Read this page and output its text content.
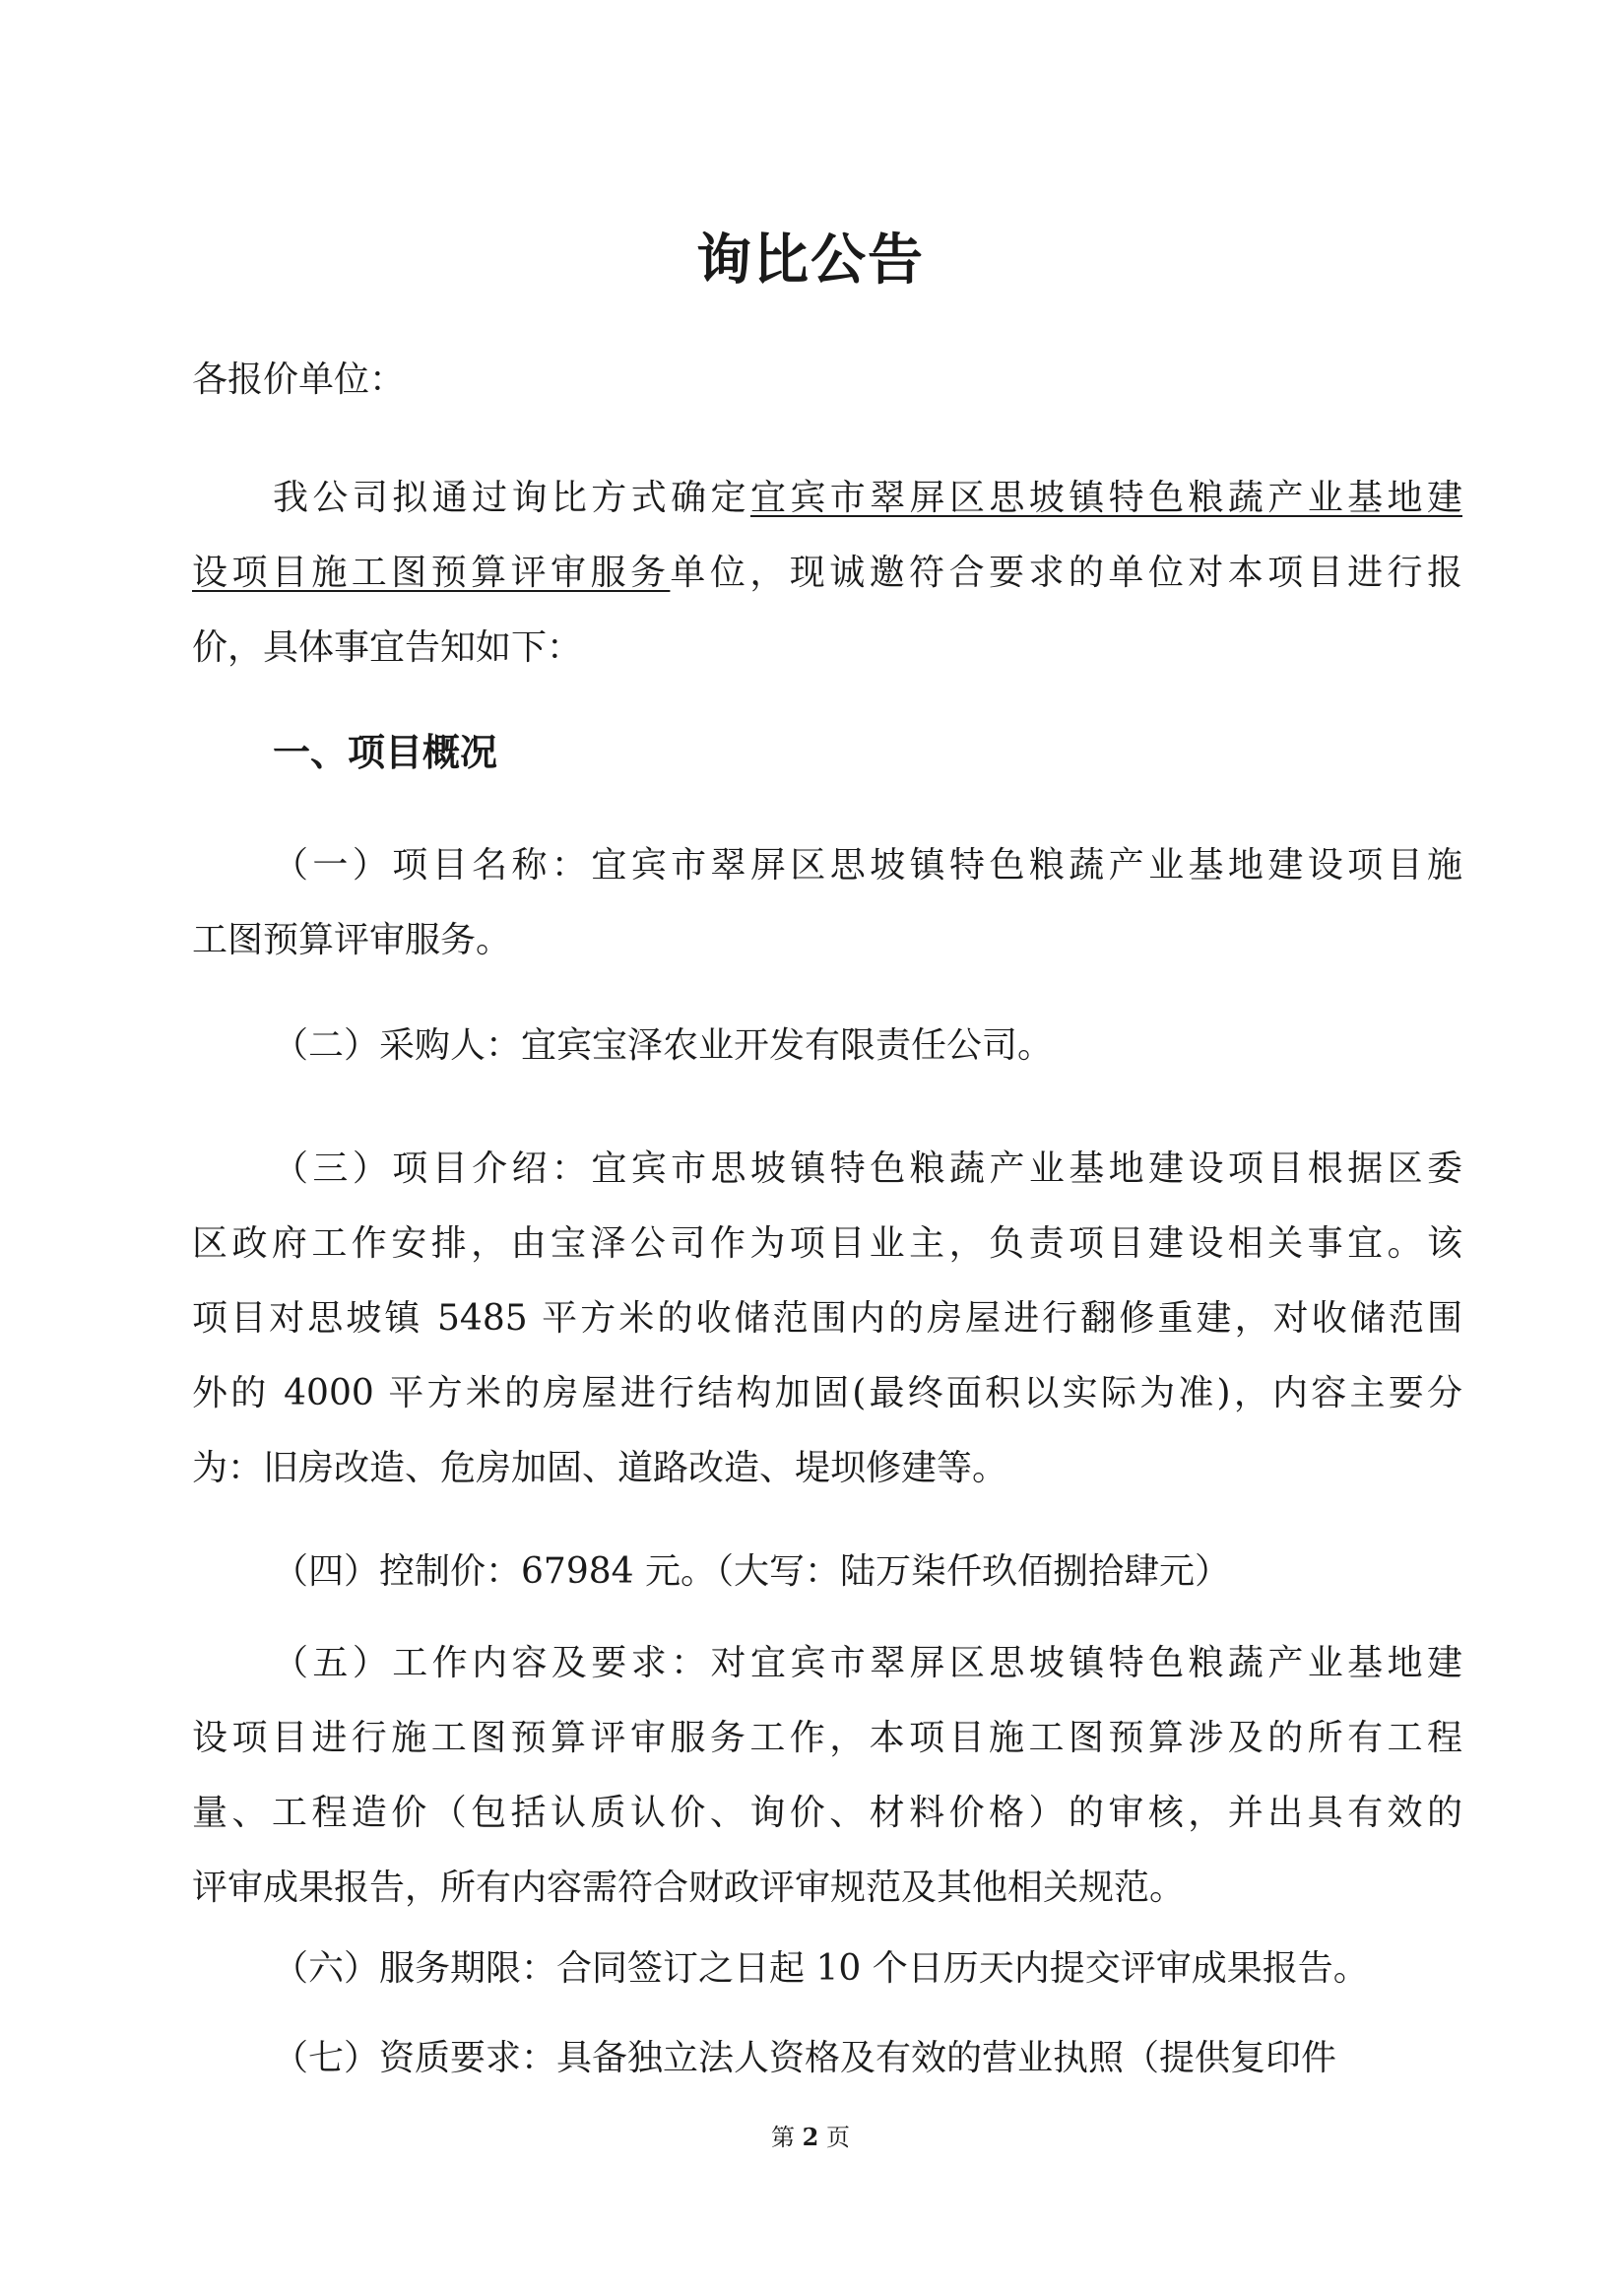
询比公告
各报价单位：
我公司拟通过询比方式确定宜宾市翠屏区思坡镇特色粮蔬产业基地建
设项目施工图预算评审服务单位，现诚邀符合要求的单位对本项目进行报
价，具体事宜告知如下：
一、项目概况
（一）项目名称：宜宾市翠屏区思坡镇特色粮蔬产业基地建设项目施
工图预算评审服务。
（二）采购人：宜宾宝泽农业开发有限责任公司。
（三）项目介绍：宜宾市思坡镇特色粮蔬产业基地建设项目根据区委
区政府工作安排，由宝泽公司作为项目业主，负责项目建设相关事宜。该
项目对思坡镇 5485 平方米的收储范围内的房屋进行翻修重建，对收储范围
外的 4000 平方米的房屋进行结构加固(最终面积以实际为准)，内容主要分
为：旧房改造、危房加固、道路改造、堤坝修建等。
（四）控制价：67984 元。（大写：陆万柒仟玖佰捌拾肆元）
（五）工作内容及要求：对宜宾市翠屏区思坡镇特色粮蔬产业基地建
设项目进行施工图预算评审服务工作，本项目施工图预算涉及的所有工程
量、工程造价（包括认质认价、询价、材料价格）的审核，并出具有效的
评审成果报告，所有内容需符合财政评审规范及其他相关规范。
（六）服务期限：合同签订之日起 10 个日历天内提交评审成果报告。
（七）资质要求：具备独立法人资格及有效的营业执照（提供复印件
第 2 页
